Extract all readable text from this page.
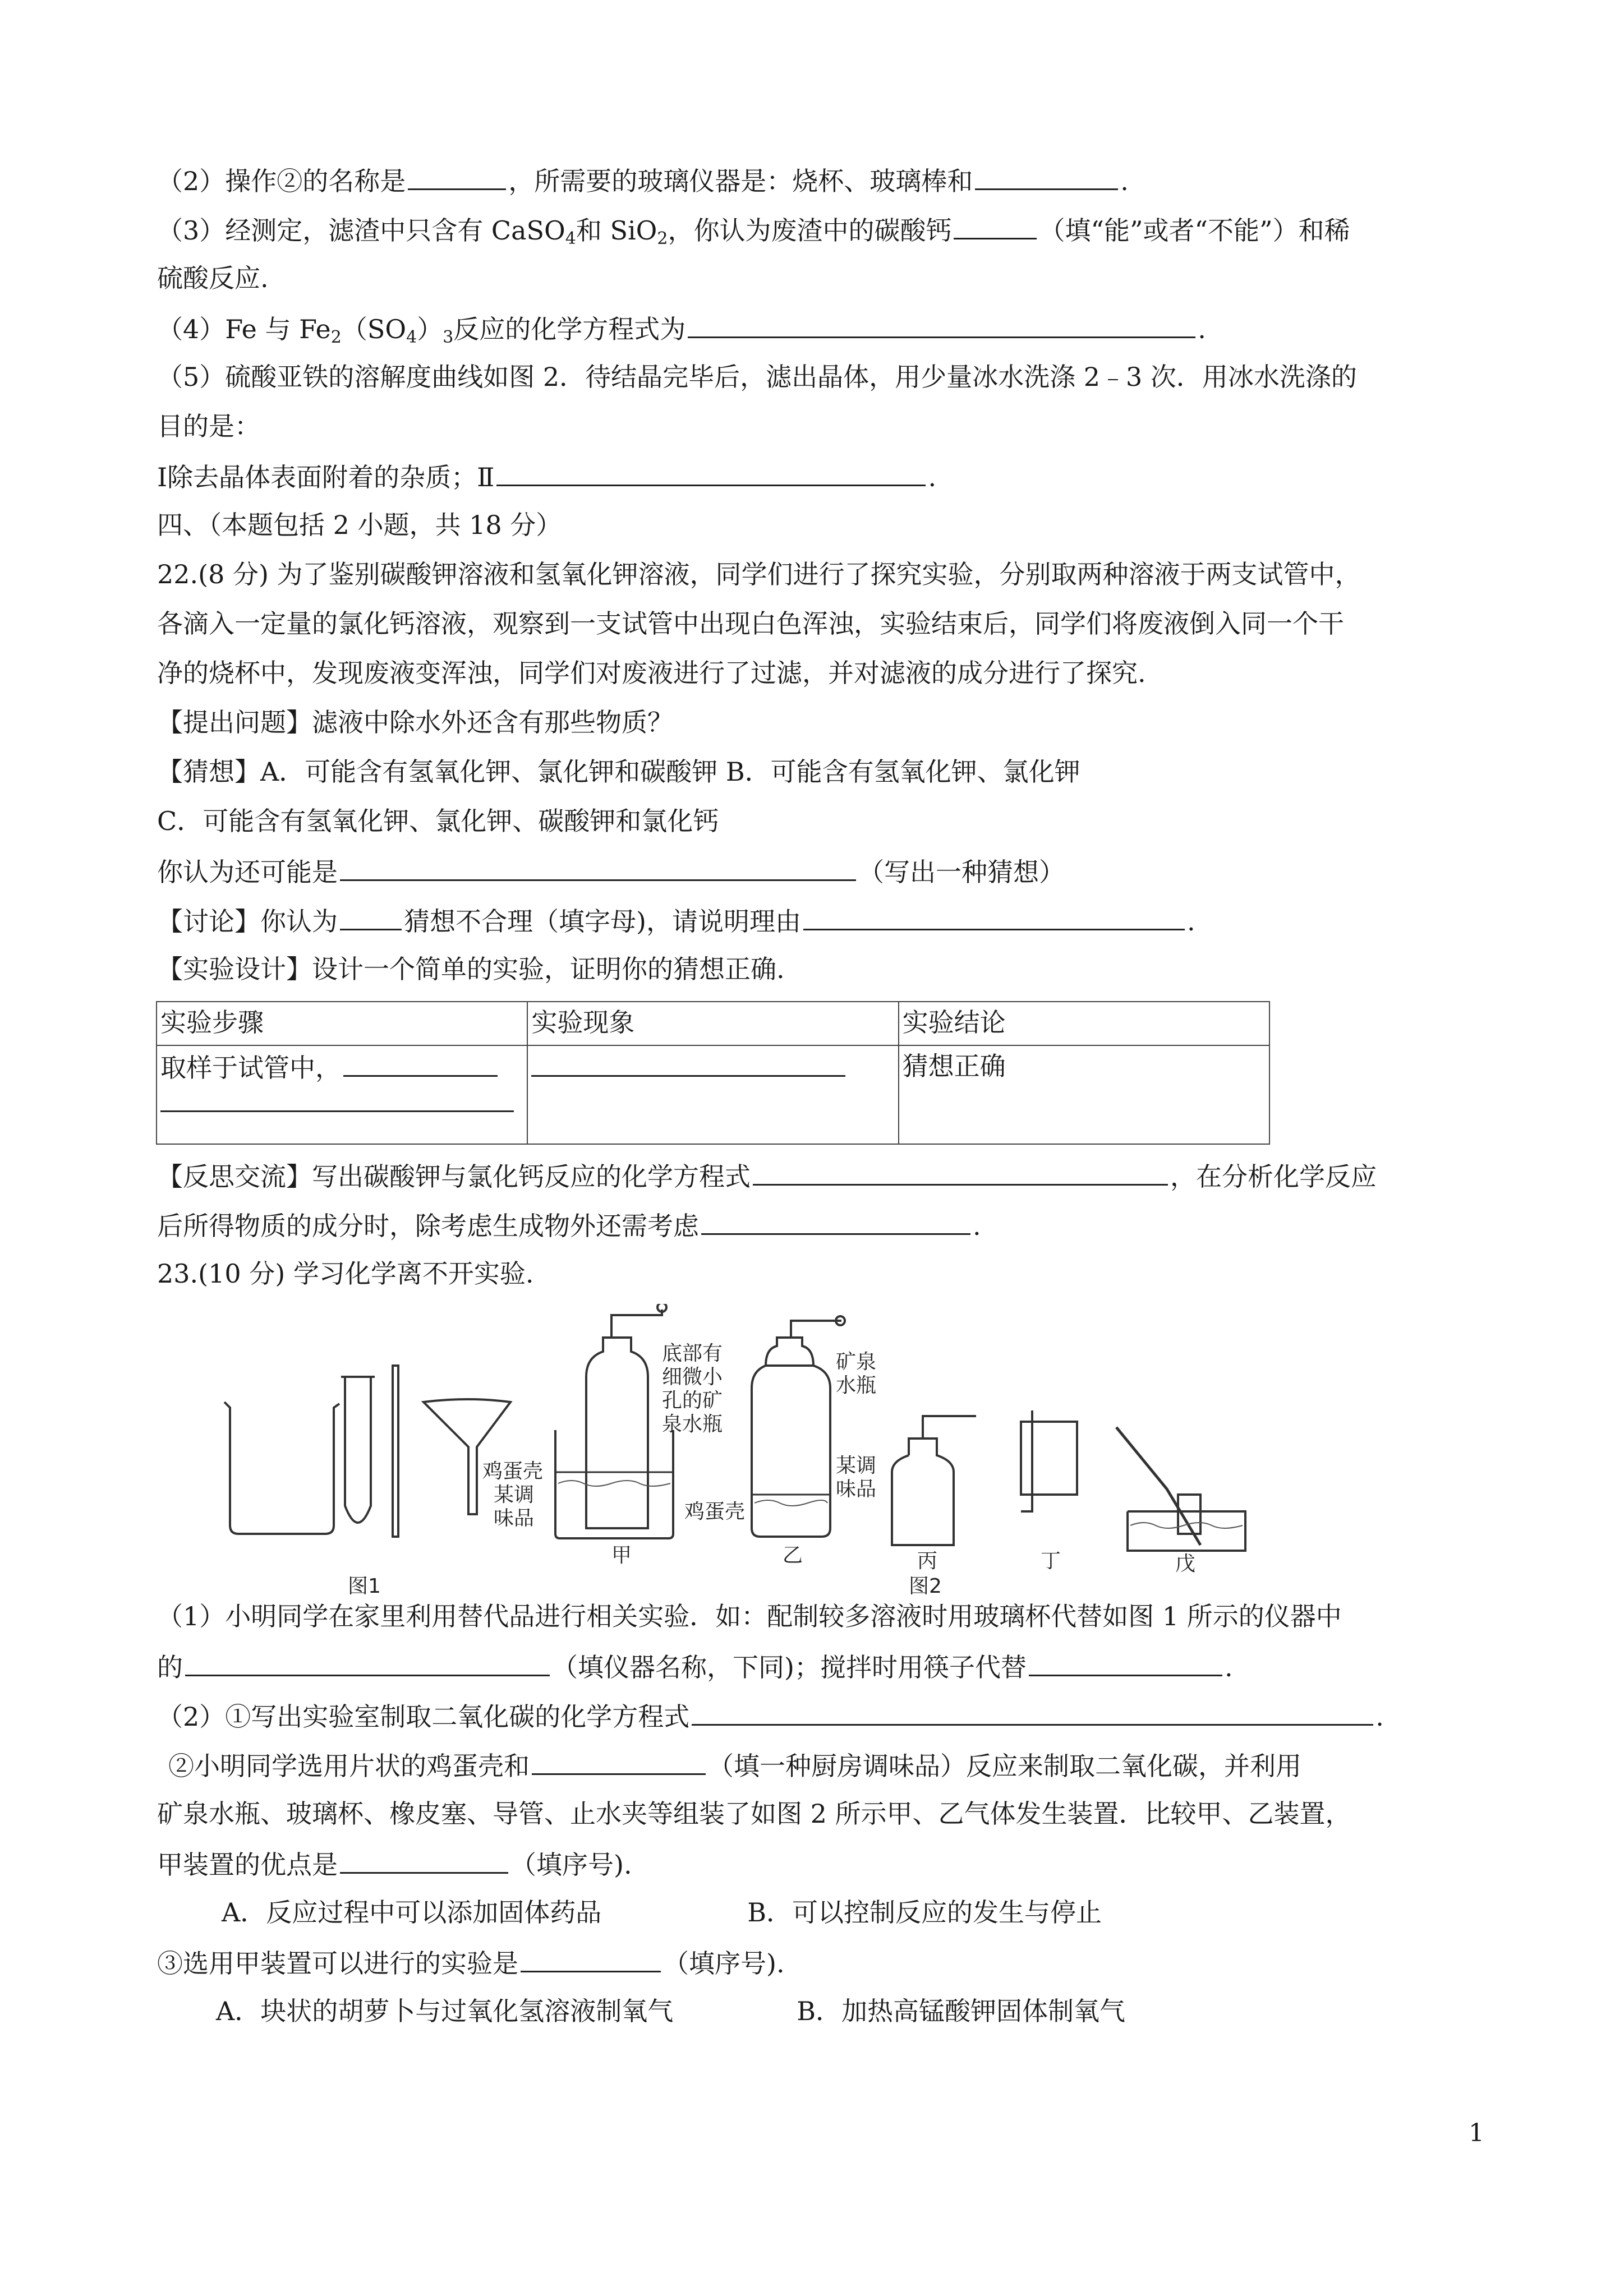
（2）操作②的名称是	，所需要的玻璃仪器是：烧杯、玻璃棒和	.
（3）经测定，滤渣中只含有 CaSO$_4$和 SiO$_2$，你认为废渣中的碳酸钙	（填“能”或者“不能”）和稀
硫酸反应.
（4）Fe 与 $Fe_2(SO_4)_3$反应的化学方程式为	.
（5）硫酸亚铁的溶解度曲线如图 2．待结晶完毕后，滤出晶体，用少量冰水洗涤 2﹣3 次．用冰水洗涤的
目的是：
Ⅰ除去晶体表面附着的杂质；Ⅱ	.
四、（本题包括 2 小题，共 18 分）
22.(8 分) 为了鉴别碳酸钾溶液和氢氧化钾溶液，同学们进行了探究实验，分别取两种溶液于两支试管中，
各滴入一定量的氯化钙溶液，观察到一支试管中出现白色浑浊，实验结束后，同学们将废液倒入同一个干
净的烧杯中，发现废液变浑浊，同学们对废液进行了过滤，并对滤液的成分进行了探究.
【提出问题】滤液中除水外还含有那些物质？
【猜想】A．可能含有氢氧化钾、氯化钾和碳酸钾 B．可能含有氢氧化钾、氯化钾
C．可能含有氢氧化钾、氯化钾、碳酸钾和氯化钙
你认为还可能是	（写出一种猜想）
【讨论】你认为	猜想不合理（填字母)，请说明理由	.
【实验设计】设计一个简单的实验，证明你的猜想正确.
实验步骤	实验现象	实验结论
取样于试管中，		猜想正确
【反思交流】写出碳酸钾与氯化钙反应的化学方程式	，在分析化学反应
后所得物质的成分时，除考虑生成物外还需考虑	.
23.(10 分) 学习化学离不开实验.
底部有
细微小
孔的矿
泉水瓶
矿泉
水瓶
鸡蛋壳
某调
味品
某调
味品
鸡蛋壳
甲	乙	丙	丁	戊
图1	图2
（1）小明同学在家里利用替代品进行相关实验．如：配制较多溶液时用玻璃杯代替如图 1 所示的仪器中
的	（填仪器名称，下同)；搅拌时用筷子代替	.
（2）①写出实验室制取二氧化碳的化学方程式	.
②小明同学选用片状的鸡蛋壳和	（填一种厨房调味品）反应来制取二氧化碳，并利用
矿泉水瓶、玻璃杯、橡皮塞、导管、止水夹等组装了如图 2 所示甲、乙气体发生装置．比较甲、乙装置，
甲装置的优点是	（填序号).
A．反应过程中可以添加固体药品	B．可以控制反应的发生与停止
③选用甲装置可以进行的实验是	（填序号).
A．块状的胡萝卜与过氧化氢溶液制氧气	B．加热高锰酸钾固体制氧气
1
